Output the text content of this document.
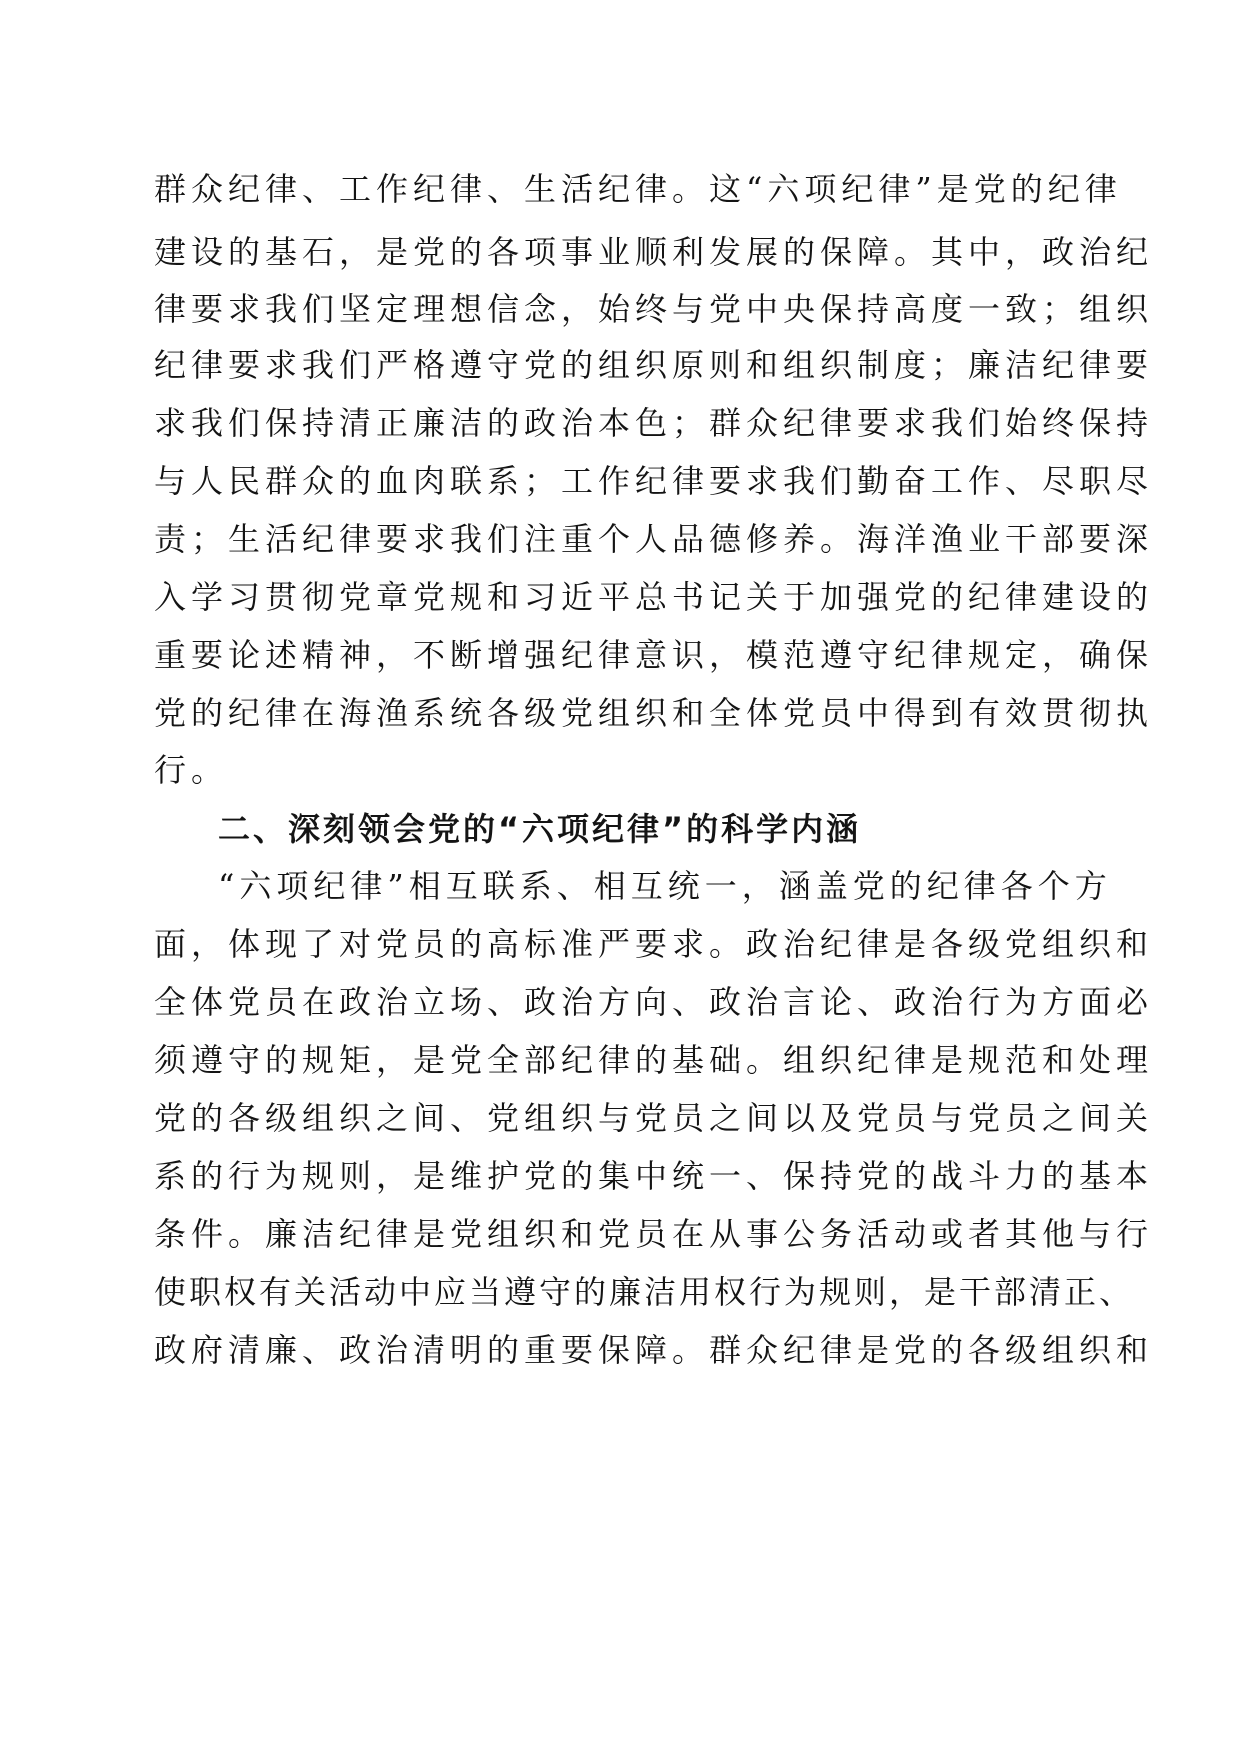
群众纪律、工作纪律、生活纪律。这“六项纪律”是党的纪律
建设的基石，是党的各项事业顺利发展的保障。其中，政治纪
律要求我们坚定理想信念，始终与党中央保持高度一致；组织
纪律要求我们严格遵守党的组织原则和组织制度；廉洁纪律要
求我们保持清正廉洁的政治本色；群众纪律要求我们始终保持
与人民群众的血肉联系；工作纪律要求我们勤奋工作、尽职尽
责；生活纪律要求我们注重个人品德修养。海洋渔业干部要深
入学习贯彻党章党规和习近平总书记关于加强党的纪律建设的
重要论述精神，不断增强纪律意识，模范遵守纪律规定，确保
党的纪律在海渔系统各级党组织和全体党员中得到有效贯彻执
行。
二、深刻领会党的“六项纪律”的科学内涵
“六项纪律”相互联系、相互统一，涵盖党的纪律各个方
面，体现了对党员的高标准严要求。政治纪律是各级党组织和
全体党员在政治立场、政治方向、政治言论、政治行为方面必
须遵守的规矩，是党全部纪律的基础。组织纪律是规范和处理
党的各级组织之间、党组织与党员之间以及党员与党员之间关
系的行为规则，是维护党的集中统一、保持党的战斗力的基本
条件。廉洁纪律是党组织和党员在从事公务活动或者其他与行
使职权有关活动中应当遵守的廉洁用权行为规则，是干部清正、
政府清廉、政治清明的重要保障。群众纪律是党的各级组织和
